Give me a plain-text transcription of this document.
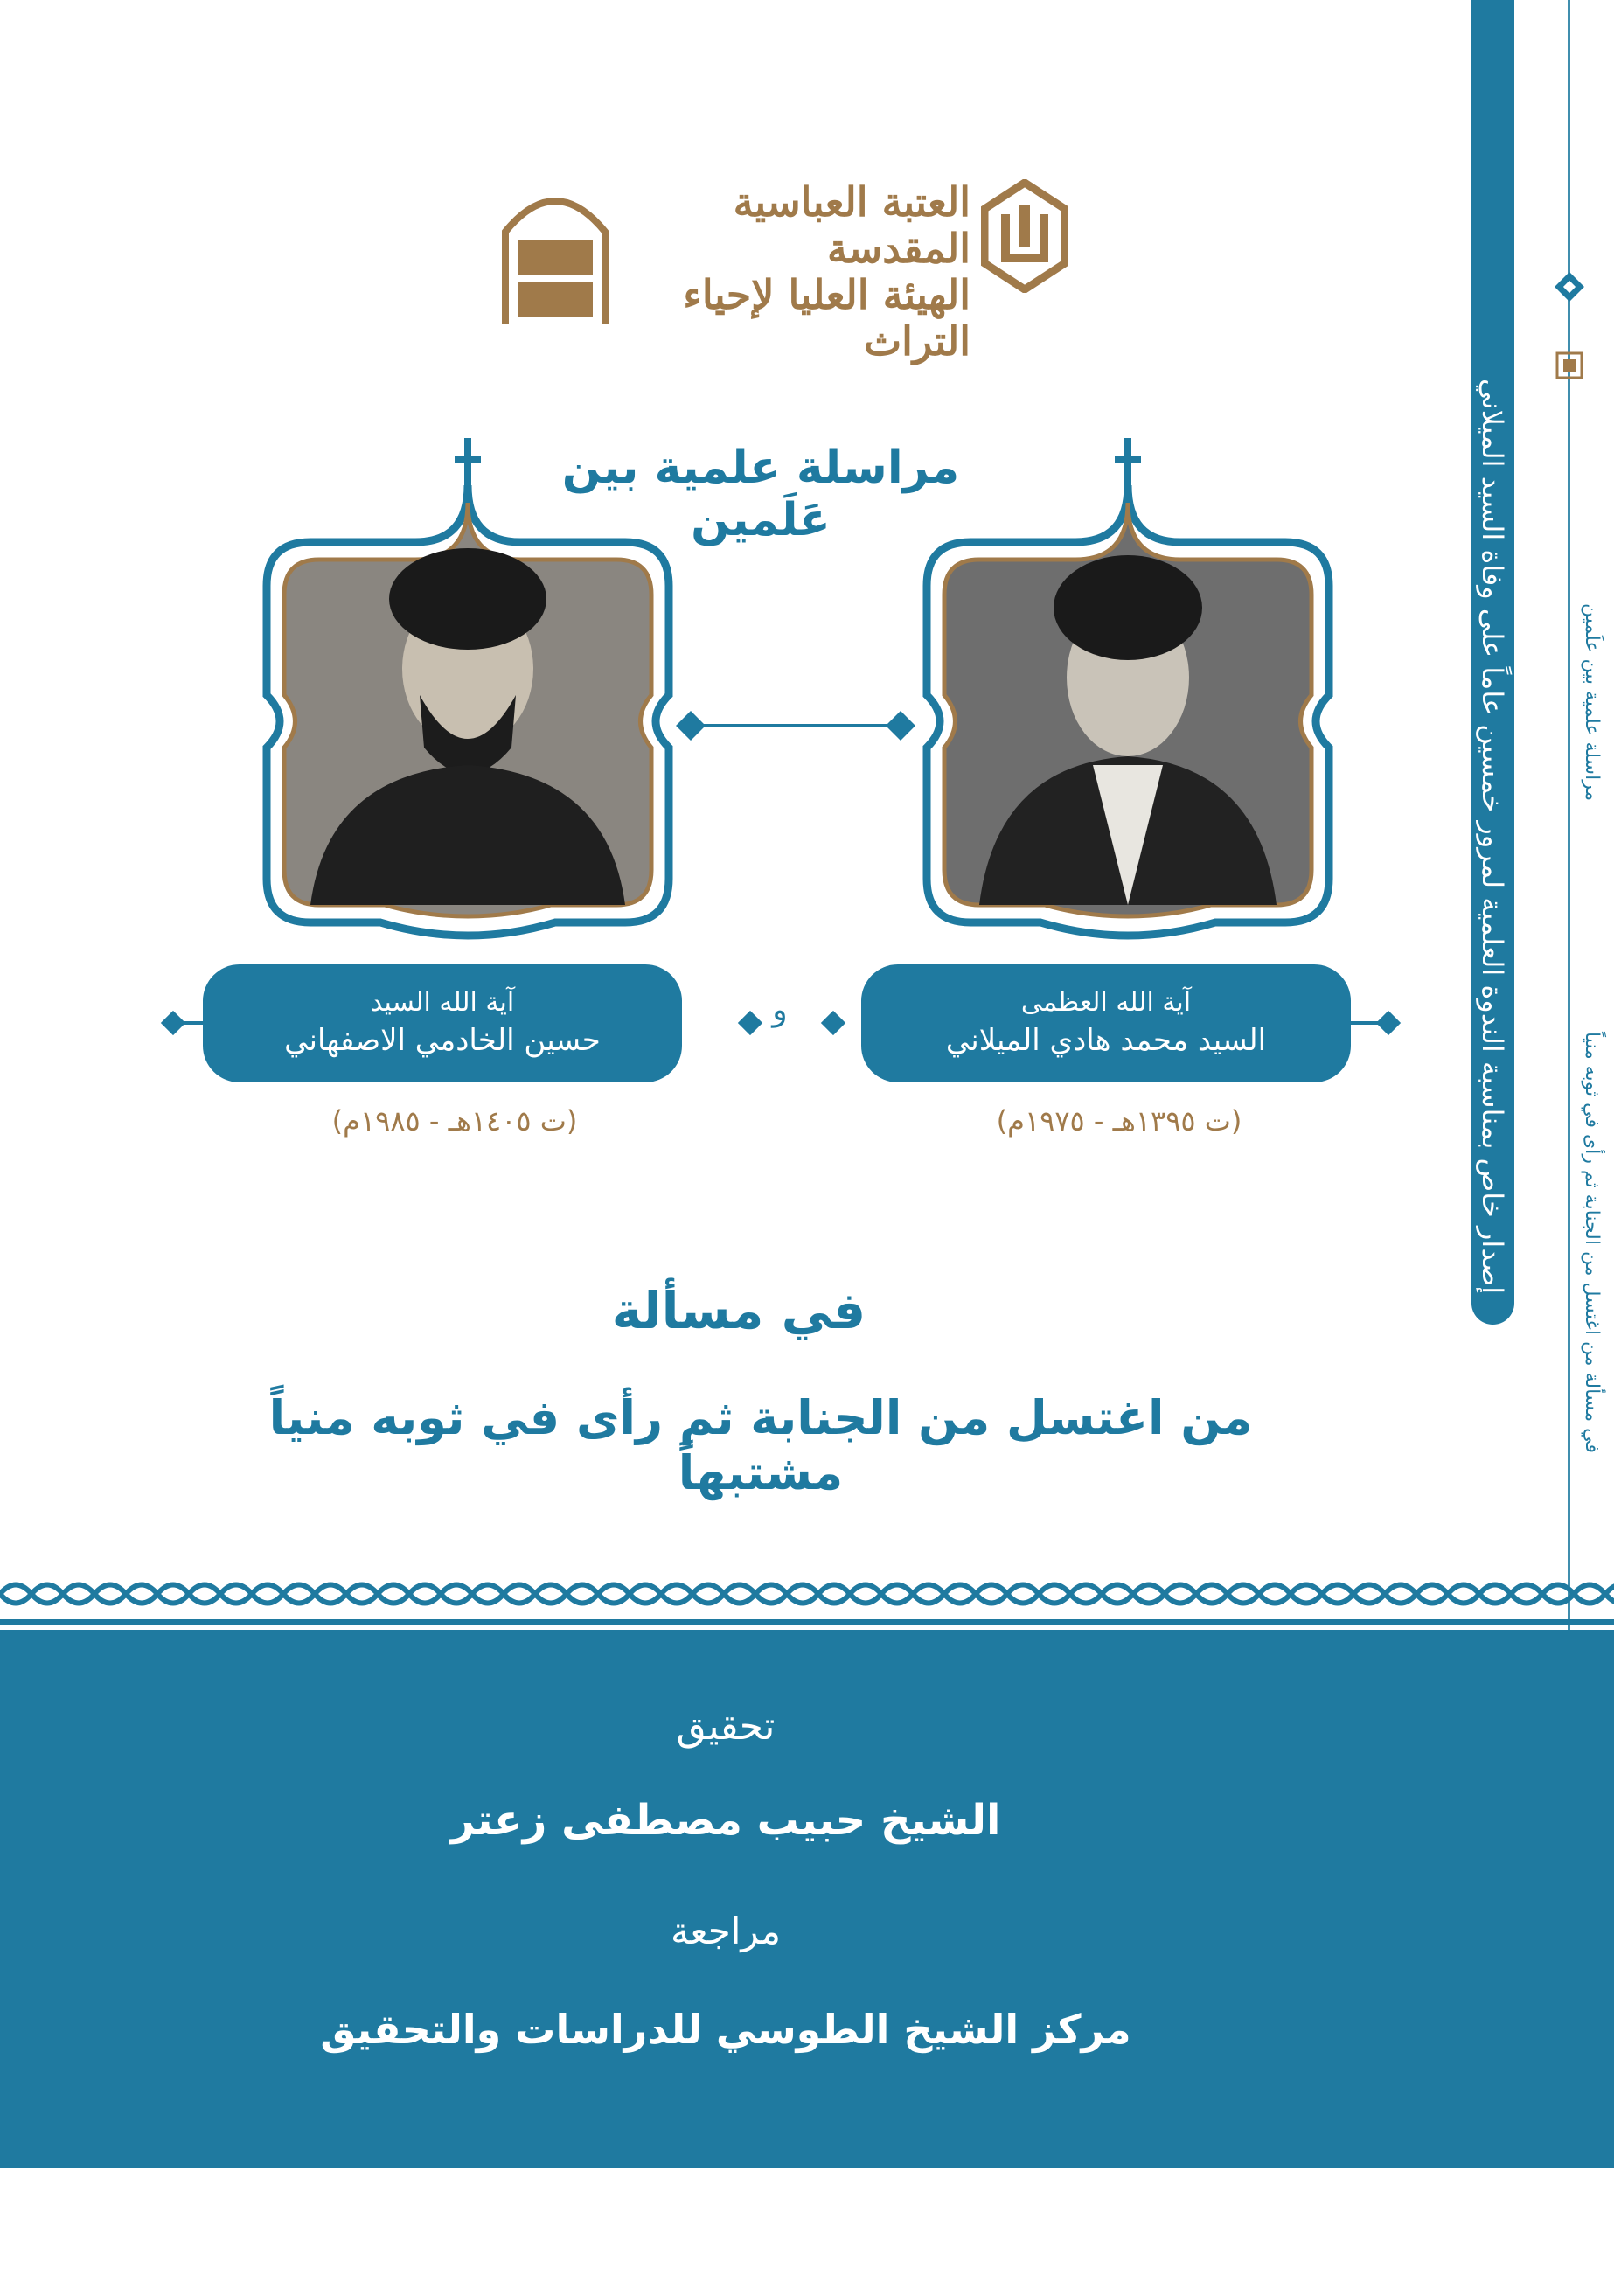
إصدار خاص بمناسبة الندوة العلمية لمرور خمسين عاماً على وفاة السيد الميلاني	مراسلة علمية بين علَمين
في مسألة من اغتسل من الجنابة ثم رأى في ثوبه منياً
العتبة العباسية المقدسة
الهيئة العليا لإحياء التراث
مراسلة علمية بين عَلَمين
آية الله السيد
حسين الخادمي الاصفهاني
و	آية الله العظمى
السيد محمد هادي الميلاني
(ت ١٤٠٥هـ - ١٩٨٥م)	(ت ١٣٩٥هـ - ١٩٧٥م)
في مسألة
من اغتسل من الجنابة ثم رأى في ثوبه منياً مشتبهاً
تحقيق
الشيخ حبيب مصطفى زعتر
مراجعة
مركز الشيخ الطوسي للدراسات والتحقيق
